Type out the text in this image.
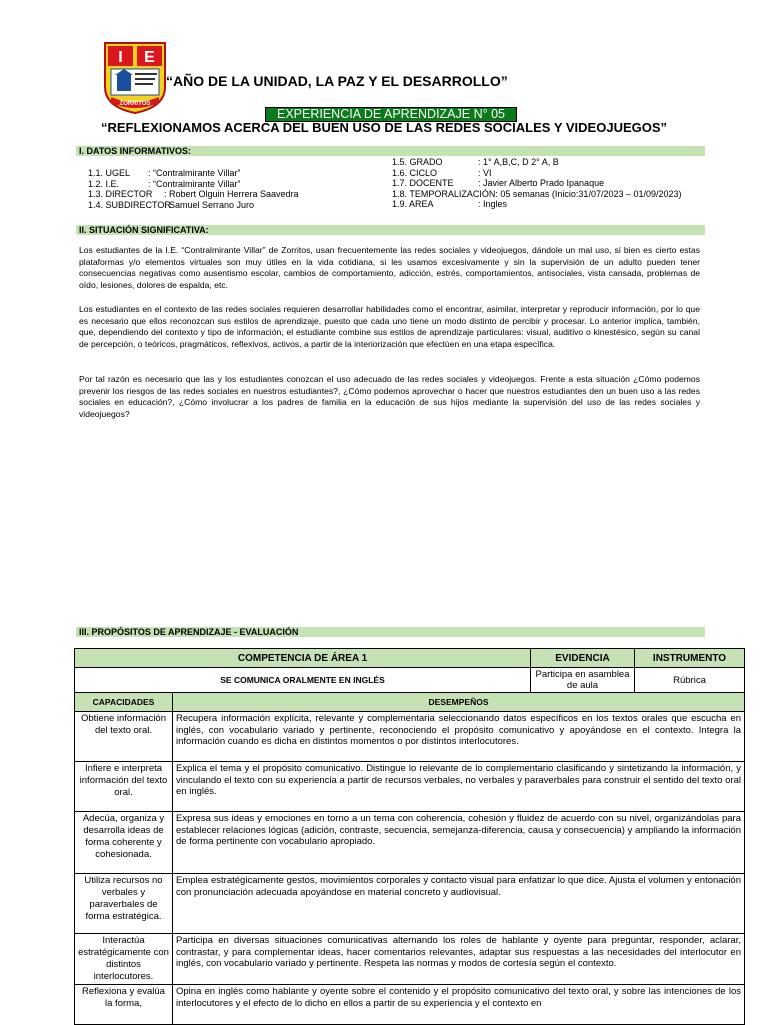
I E
ZORRITOS
“AÑO DE LA UNIDAD, LA PAZ Y EL DESARROLLO”
EXPERIENCIA DE APRENDIZAJE N° 05
“REFLEXIONAMOS ACERCA DEL BUEN USO DE LAS REDES SOCIALES Y VIDEOJUEGOS”
I. DATOS INFORMATIVOS:
1.1. UGEL	: “Contralmirante Villar”
1.2. I.E.	: “Contralmirante Villar”
1.3. DIRECTOR	: Robert Olguin Herrera Saavedra
1.4. SUBDIRECTOR
: Samuel Serrano Juro
1.5. GRADO	: 1° A,B,C, D 2° A, B
1.6. CICLO	: VI
1.7. DOCENTE	: Javier Alberto Prado Ipanaque
1.8. TEMPORALIZACIÓN:
05 semanas (Inicio:31/07/2023 – 01/09/2023)
1.9. AREA	: Ingles
II. SITUACIÓN SIGNIFICATIVA:
Los estudiantes de la I.E. “Contralmirante Villar” de Zorritos, usan frecuentemente las redes sociales y videojuegos, dándole un mal uso, si bien es cierto estas plataformas y/o elementos virtuales son muy útiles en la vida cotidiana, si les usamos excesivamente y sin la supervisión de un adulto pueden tener consecuencias negativas como ausentismo escolar, cambios de comportamiento, adicción, estrés, comportamientos, antisociales, vista cansada, problemas de oído, lesiones, dolores de espalda, etc.
Los estudiantes en el contexto de las redes sociales requieren desarrollar habilidades como el encontrar, asimilar, interpretar y reproducir información, por lo que es necesario que ellos reconozcan sus estilos de aprendizaje, puesto que cada uno tiene un modo distinto de percibir y procesar. Lo anterior implica, también, que, dependiendo del contexto y tipo de información, el estudiante combine sus estilos de aprendizaje particulares: visual, auditivo o kinestésico, según su canal de percepción, o teóricos, pragmáticos, reflexivos, activos, a partir de la interiorización que efectúen en una etapa específica.
Por tal razón es necesario que las y los estudiantes conozcan el uso adecuado de las redes sociales y videojuegos. Frente a esta situación ¿Cómo podemos prevenir los riesgos de las redes sociales en nuestros estudiantes?, ¿Cómo podemos aprovechar o hacer que nuestros estudiantes den un buen uso a las redes sociales en educación?, ¿Cómo involucrar a los padres de familia en la educación de sus hijos mediante la supervisión del uso de las redes sociales y videojuegos?
III. PROPÓSITOS DE APRENDIZAJE - EVALUACIÓN
COMPETENCIA DE ÁREA 1		EVIDENCIA	INSTRUMENTO
SE COMUNICA ORALMENTE EN INGLÉS		Participa en asamblea de aula	Rúbrica
CAPACIDADES	DESEMPEÑOS		
Obtiene información del texto oral.	Recupera información explícita, relevante y complementaria seleccionando datos específicos en los textos orales que escucha en inglés, con vocabulario variado y pertinente, reconociendo el propósito comunicativo y apoyándose en el contexto. Integra la información cuando es dicha en distintos momentos o por distintos interlocutores.		
Infiere e interpreta información del texto oral.	Explica el tema y el propósito comunicativo. Distingue lo relevante de lo complementario clasificando y sintetizando la información, y vinculando el texto con su experiencia a partir de recursos verbales, no verbales y paraverbales para construir el sentido del texto oral en inglés.		
Adecúa, organiza y desarrolla ideas de forma coherente y cohesionada.	Expresa sus ideas y emociones en torno a un tema con coherencia, cohesión y fluidez de acuerdo con su nivel, organizándolas para establecer relaciones lógicas (adición, contraste, secuencia, semejanza-diferencia, causa y consecuencia) y ampliando la información de forma pertinente con vocabulario apropiado.		
Utiliza recursos no verbales y paraverbales de forma estratégica.	Emplea estratégicamente gestos, movimientos corporales y contacto visual para enfatizar lo que dice. Ajusta el volumen y entonación con pronunciación adecuada apoyándose en material concreto y audiovisual.		
Interactúa estratégicamente con distintos interlocutores.	Participa en diversas situaciones comunicativas alternando los roles de hablante y oyente para preguntar, responder, aclarar, contrastar, y para complementar ideas, hacer comentarios relevantes, adaptar sus respuestas a las necesidades del interlocutor en inglés, con vocabulario variado y pertinente. Respeta las normas y modos de cortesía según el contexto.		
Reflexiona y evalúa la forma,	Opina en inglés como hablante y oyente sobre el contenido y el propósito comunicativo del texto oral, y sobre las intenciones de los interlocutores y el efecto de lo dicho en ellos a partir de su experiencia y el contexto en		
